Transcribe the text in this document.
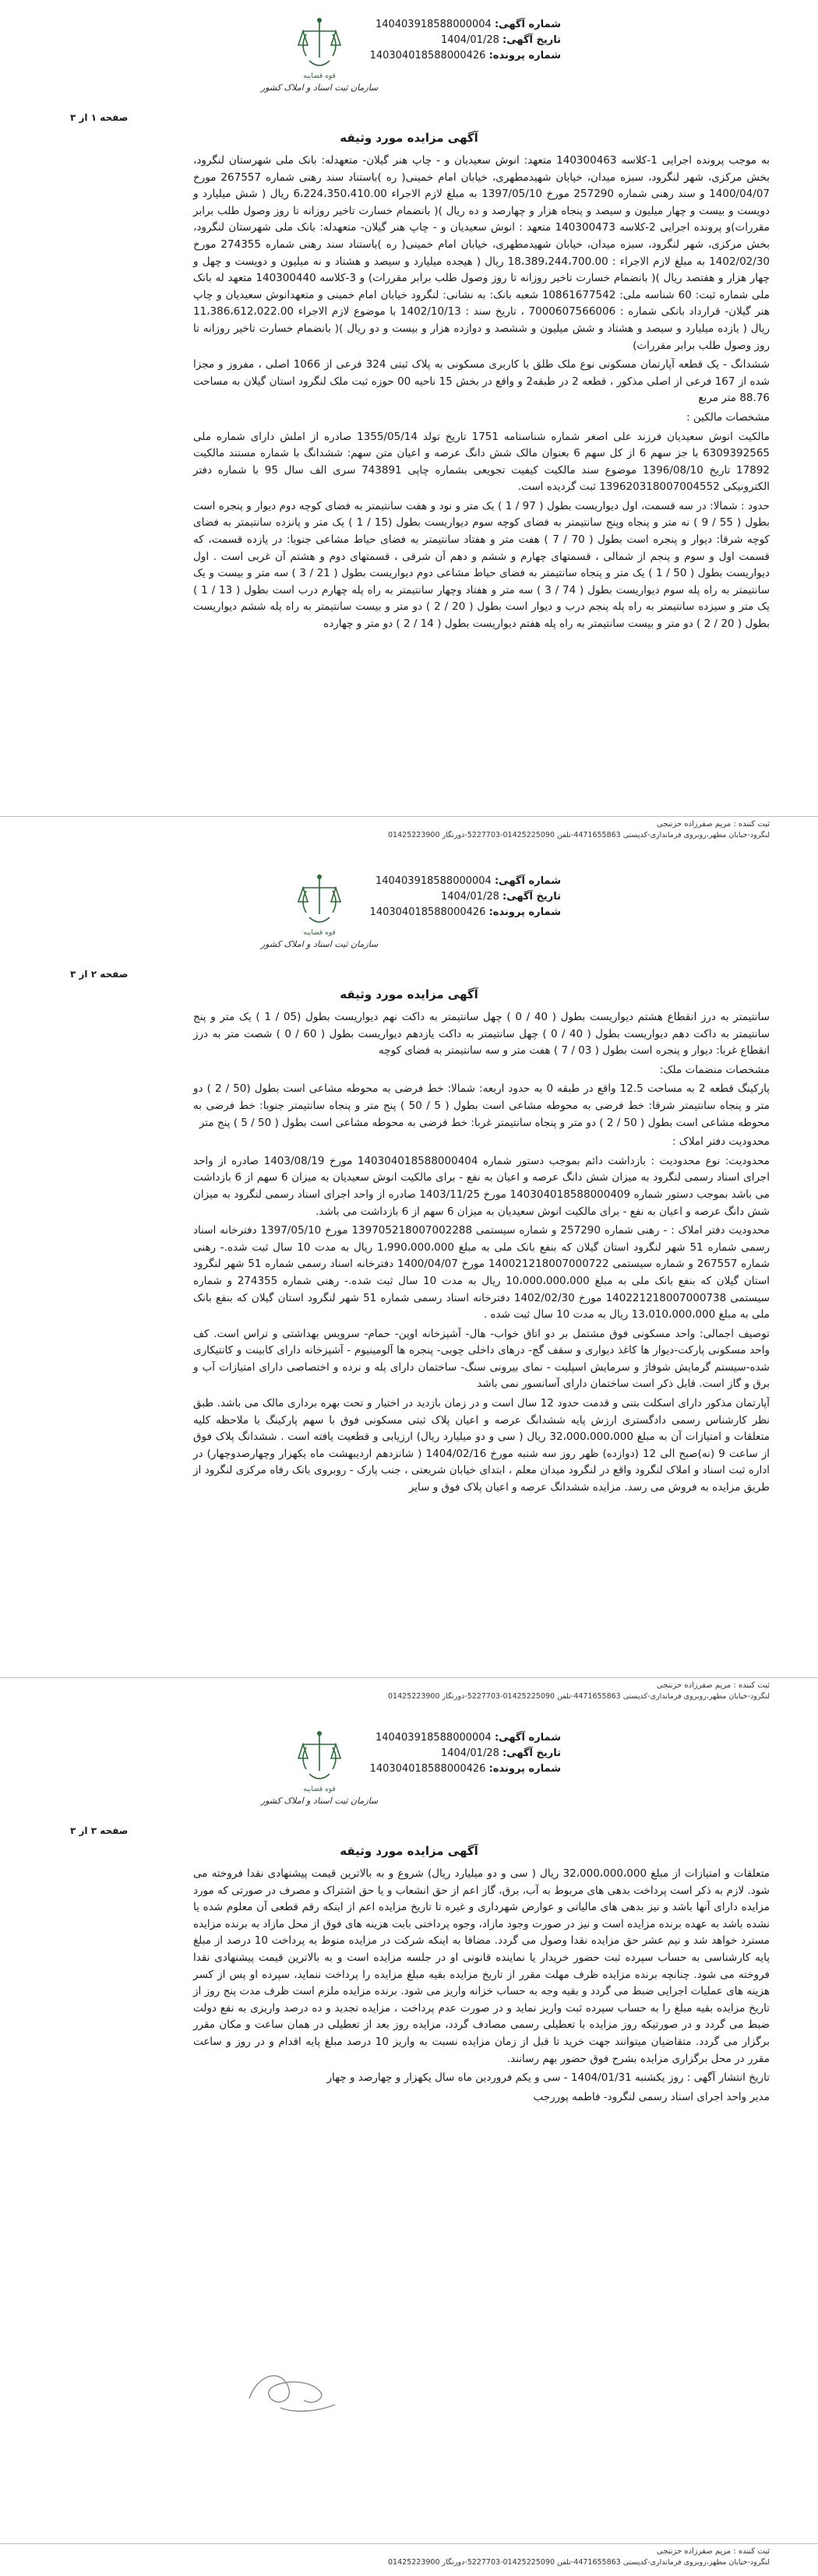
قوه قضاییه
سازمان ثبت اسناد و املاک کشور
شماره آگهی: 140403918588000004
تاریخ آگهی: 1404/01/28
شماره پرونده: 140304018588000426
صفحه ۱ از ۳
آگهی مزایده مورد وثیقه

به موجب پرونده اجرایی 1-کلاسه 140300463 متعهد: انوش سعیدیان و - چاپ هنر گیلان- متعهدله: بانک ملی شهرستان لنگرود، بخش مرکزی، شهر لنگرود، سبزه میدان، خیابان شهیدمطهری، خیابان امام خمینی( ره )باستناد سند رهنی شماره 267557 مورخ 1400/04/07 و سند رهنی شماره 257290 مورخ 1397/05/10 به مبلغ لازم الاجراء 6،224،350،410.00 ریال ( شش میلیارد و دویست و بیست و چهار میلیون و سیصد و پنجاه هزار و چهارصد و ده ریال )( بانضمام خسارت تاخیر روزانه تا روز وصول طلب برابر مقررات)و پرونده اجرایی 2-کلاسه 140300473 متعهد : انوش سعیدیان و - چاپ هنر گیلان- متعهدله: بانک ملی شهرستان لنگرود، بخش مرکزی، شهر لنگرود، سبزه میدان، خیابان شهیدمطهری، خیابان امام خمینی( ره )باستناد سند رهنی شماره 274355 مورخ 1402/02/30 به مبلغ لازم الاجراء : 18،389،244،700.00 ریال ( هیجده میلیارد و سیصد و هشتاد و نه میلیون و دویست و چهل و چهار هزار و هفتصد ریال )( بانضمام خسارت تاخیر روزانه تا روز وصول طلب برابر مقررات) و 3-کلاسه 140300440 متعهد له بانک ملی شماره ثبت: 60 شناسه ملی: 10861677542 شعبه بانک: به نشانی: لنگرود خیابان امام خمینی و متعهدانوش سعیدیان و چاپ هنر گیلان- قرارداد بانکی شماره : 7000607566006 ، تاریخ سند : 1402/10/13 با موضوع لازم الاجراء 11،386،612،022.00 ریال ( یازده میلیارد و سیصد و هشتاد و شش میلیون و ششصد و دوازده هزار و بیست و دو ریال )( بانضمام خسارت تاخیر روزانه تا روز وصول طلب برابر مقررات)

ششدانگ - یک قطعه آپارتمان مسکونی نوع ملک طلق با کاربری مسکونی به پلاک ثبتی 324 فرعی از 1066 اصلی ، مفروز و مجزا شده از 167 فرعی از اصلی مذکور ، قطعه 2 در طبقه2 و واقع در بخش 15 ناحیه 00 حوزه ثبت ملک لنگرود استان گیلان به مساحت 88.76 متر مربع

مشخصات مالکین :

مالکیت انوش سعیدیان فرزند علی اصغر شماره شناسنامه 1751 تاریخ تولد 1355/05/14 صادره از املش دارای شماره ملی 6309392565 با جز سهم 6 از کل سهم 6 بعنوان مالک شش دانگ عرصه و اعیان متن سهم: ششدانگ با شماره مستند مالکیت 17892 تاریخ 1396/08/10 موضوع سند مالکیت کیفیت تجویعی بشماره چاپی 743891 سری الف سال 95 با شماره دفتر الکترونیکی 139620318007004552 ثبت گردیده است.

حدود : شمالا: در سه قسمت، اول دیواریست بطول ( 97 / 1 ) یک متر و نود و هفت سانتیمتر به فضای کوچه دوم دیوار و پنجره است بطول ( 55 / 9 ) نه متر و پنجاه وپنج سانتیمتر به فضای کوچه سوم دیواریست بطول (15 / 1 ) یک متر و پانزده سانتیمتر به فضای کوچه شرقا: دیوار و پنجره است بطول ( 70 / 7 ) هفت متر و هفتاد سانتیمتر به فضای حیاط مشاعی جنوبا: در یازده قسمت، که قسمت اول و سوم و پنجم از شمالی ، قسمتهای چهارم و ششم و دهم آن شرقی ، قسمتهای دوم و هشتم آن غربی است . اول دیواریست بطول ( 50 / 1 ) یک متر و پنجاه سانتیمتر به فضای حیاط مشاعی دوم دیواریست بطول ( 21 / 3 ) سه متر و بیست و یک سانتیمتر به راه پله سوم دیواریست بطول ( 74 / 3 ) سه متر و هفتاد وچهار سانتیمتر به راه پله چهارم درب است بطول ( 13 / 1 ) یک متر و سیزده سانتیمتر به راه پله پنجم درب و دیوار است بطول ( 20 / 2 ) دو متر و بیست سانتیمتر به راه پله ششم دیواریست بطول ( 20 / 2 ) دو متر و بیست سانتیمتر به راه پله هفتم دیواریست بطول ( 14 / 2 ) دو متر و چهارده

ثبت کننده : مریم صفرزاده حزننجی
لنگرود-خیابان مطهر،روبروی فرمانداری-کدپستی 4471655863-تلفن 01425225090-5227703-دورنگار 01425223900
قوه قضاییه
سازمان ثبت اسناد و املاک کشور
شماره آگهی: 140403918588000004
تاریخ آگهی: 1404/01/28
شماره پرونده: 140304018588000426
صفحه ۲ از ۳
آگهی مزایده مورد وثیقه

سانتیمتر به درز انقطاع هشتم دیواریست بطول ( 40 / 0 ) چهل سانتیمتر به داکت نهم دیواریست بطول (05 / 1 ) یک متر و پنج سانتیمتر به داکت دهم دیواریست بطول ( 40 / 0 ) چهل سانتیمتر به داکت یازدهم دیواریست بطول ( 60 / 0 ) شصت متر به درز انقطاع غربا: دیوار و پنجره است بطول ( 03 / 7 ) هفت متر و سه سانتیمتر به فضای کوچه

مشخصات منضمات ملک:

پارکینگ قطعه 2 به مساحت 12.5 واقع در طبقه 0 به حدود اربعه: شمالا: خط فرضی به محوطه مشاعی است بطول (50 / 2 ) دو متر و پنجاه سانتیمتر شرقا: خط فرضی به محوطه مشاعی است بطول ( 5 / 50 ) پنج متر و پنجاه سانتیمتر جنوبا: خط فرضی به محوطه مشاعی است بطول ( 50 / 2 ) دو متر و پنجاه سانتیمتر غربا: خط فرضی به محوطه مشاعی است بطول ( 50 / 5 ) پنج متر

محدودیت دفتر املاک :

محدودیت: نوع محدودیت : بازداشت دائم بموجب دستور شماره 140304018588000404 مورخ 1403/08/19 صادره از واحد اجرای اسناد رسمی لنگرود به میزان شش دانگ عرصه و اعیان به نفع - برای مالکیت انوش سعیدیان به میزان 6 سهم از 6 بازداشت می باشد بموجب دستور شماره 140304018588000409 مورخ 1403/11/25 صادره از واحد اجرای اسناد رسمی لنگرود به میزان شش دانگ عرصه و اعیان به نفع - برای مالکیت انوش سعیدیان به میزان 6 سهم از 6 بازداشت می باشد.

محدودیت دفتر املاک : - رهنی شماره 257290 و شماره سیستمی 139705218007002288 مورخ 1397/05/10 دفترخانه اسناد رسمی شماره 51 شهر لنگرود استان گیلان که بنفع بانک ملی به مبلغ 1،990،000،000 ریال به مدت 10 سال ثبت شده.- رهنی شماره 267557 و شماره سیستمی 140021218007000722 مورخ 1400/04/07 دفترخانه اسناد رسمی شماره 51 شهر لنگرود استان گیلان که بنفع بانک ملی به مبلغ 10،000،000،000 ریال به مدت 10 سال ثبت شده.- رهنی شماره 274355 و شماره سیستمی 140221218007000738 مورخ 1402/02/30 دفترخانه اسناد رسمی شماره 51 شهر لنگرود استان گیلان که بنفع بانک ملی به مبلغ 13،010،000،000 ریال به مدت 10 سال ثبت شده .

توصیف اجمالی: واحد مسکونی فوق مشتمل بر دو اتاق خواب- هال- آشپزخانه اوپن- حمام- سرویس بهداشتی و تراس است. کف واحد مسکونی پارکت-دیوار ها کاغذ دیواری و سقف گچ- درهای داخلی چوبی- پنجره ها آلومینیوم - آشپزخانه دارای کابینت و کانتیکاری شده-سیستم گرمایش شوفاژ و سرمایش اسپلیت - نمای بیرونی سنگ- ساختمان دارای پله و نرده و اختصاصی دارای امتیازات آب و برق و گاز است. قابل ذکر است ساختمان دارای آسانسور نمی باشد

آپارتمان مذکور دارای اسکلت بتنی و قدمت حدود 12 سال است و در زمان بازدید در اختیار و تحت بهره برداری مالک می باشد. طبق نظر کارشناس رسمی دادگستری ارزش پایه ششدانگ عرصه و اعیان پلاک ثبتی مسکونی فوق با سهم پارکینگ با ملاحظه کلیه متعلقات و امتیازات آن به مبلغ 32،000،000،000 ریال ( سی و دو میلیارد ریال) ارزیابی و قطعیت یافته است . ششدانگ پلاک فوق از ساعت 9 (نه)صبح الی 12 (دوازده) ظهر روز سه شنبه مورخ 1404/02/16 ( شانزدهم اردیبهشت ماه یکهزار وچهارصدوچهار) در اداره ثبت اسناد و املاک لنگرود واقع در لنگرود میدان معلم ، ابتدای خیابان شریعتی ، جنب پارک - روبروی بانک رفاه مرکزی لنگرود از طریق مزایده به فروش می رسد. مزایده ششدانگ عرصه و اعیان پلاک فوق و سایر

ثبت کننده : مریم صفرزاده حزننجی
لنگرود-خیابان مطهر،روبروی فرمانداری-کدپستی 4471655863-تلفن 01425225090-5227703-دورنگار 01425223900
قوه قضاییه
سازمان ثبت اسناد و املاک کشور
شماره آگهی: 140403918588000004
تاریخ آگهی: 1404/01/28
شماره پرونده: 140304018588000426
صفحه ۳ از ۳
آگهی مزایده مورد وثیقه

متعلقات و امتیازات از مبلغ 32،000،000،000 ریال ( سی و دو میلیارد ریال) شروع و به بالاترین قیمت پیشنهادی نقدا فروخته می شود. لازم به ذکر است پرداخت بدهی های مربوط به آب، برق، گاز اعم از حق انشعاب و یا حق اشتراک و مصرف در صورتی که مورد مزایده دارای آنها باشد و نیز بدهی های مالیاتی و عوارض شهرداری و غیره تا تاریخ مزایده اعم از اینکه رقم قطعی آن معلوم شده یا نشده باشد به عهده برنده مزایده است و نیز در صورت وجود مازاد، وجوه پرداختی بابت هزینه های فوق از محل مازاد به برنده مزایده مسترد خواهد شد و نیم عشر حق مزایده نقدا وصول می گردد. مضافا به اینکه شرکت در مزایده منوط به پرداخت 10 درصد از مبلغ پایه کارشناسی به حساب سپرده ثبت حضور خریدار یا نماینده قانونی او در جلسه مزایده است و به بالاترین قیمت پیشنهادی نقدا فروخته می شود. چنانچه برنده مزایده ظرف مهلت مقرر از تاریخ مزایده بقیه مبلغ مزایده را پرداخت ننماید، سپرده او پس از کسر هزینه های عملیات اجرایی ضبط می گردد و بقیه وجه به حساب خزانه واریز می شود. برنده مزایده ملزم است ظرف مدت پنج روز از تاریخ مزایده بقیه مبلغ را به حساب سپرده ثبت واریز نماید و در صورت عدم پرداخت ، مزایده تجدید و ده درصد واریزی به نفع دولت ضبط می گردد و در صورتیکه روز مزایده با تعطیلی رسمی مصادف گردد، مزایده روز بعد از تعطیلی در همان ساعت و مکان مقرر برگزار می گردد. متقاضیان میتوانند جهت خرید تا قبل از زمان مزایده نسبت به واریز 10 درصد مبلغ پایه اقدام و در روز و ساعت مقرر در محل برگزاری مزایده بشرح فوق حضور بهم رسانند.

تاریخ انتشار آگهی : روز یکشنبه 1404/01/31 - سی و یکم فروردین ماه سال یکهزار و چهارصد و چهار

مدیر واحد اجرای اسناد رسمی لنگرود- فاطمه پوررجب

ثبت کننده : مریم صفرزاده حزننجی
لنگرود-خیابان مطهر،روبروی فرمانداری-کدپستی 4471655863-تلفن 01425225090-5227703-دورنگار 01425223900
